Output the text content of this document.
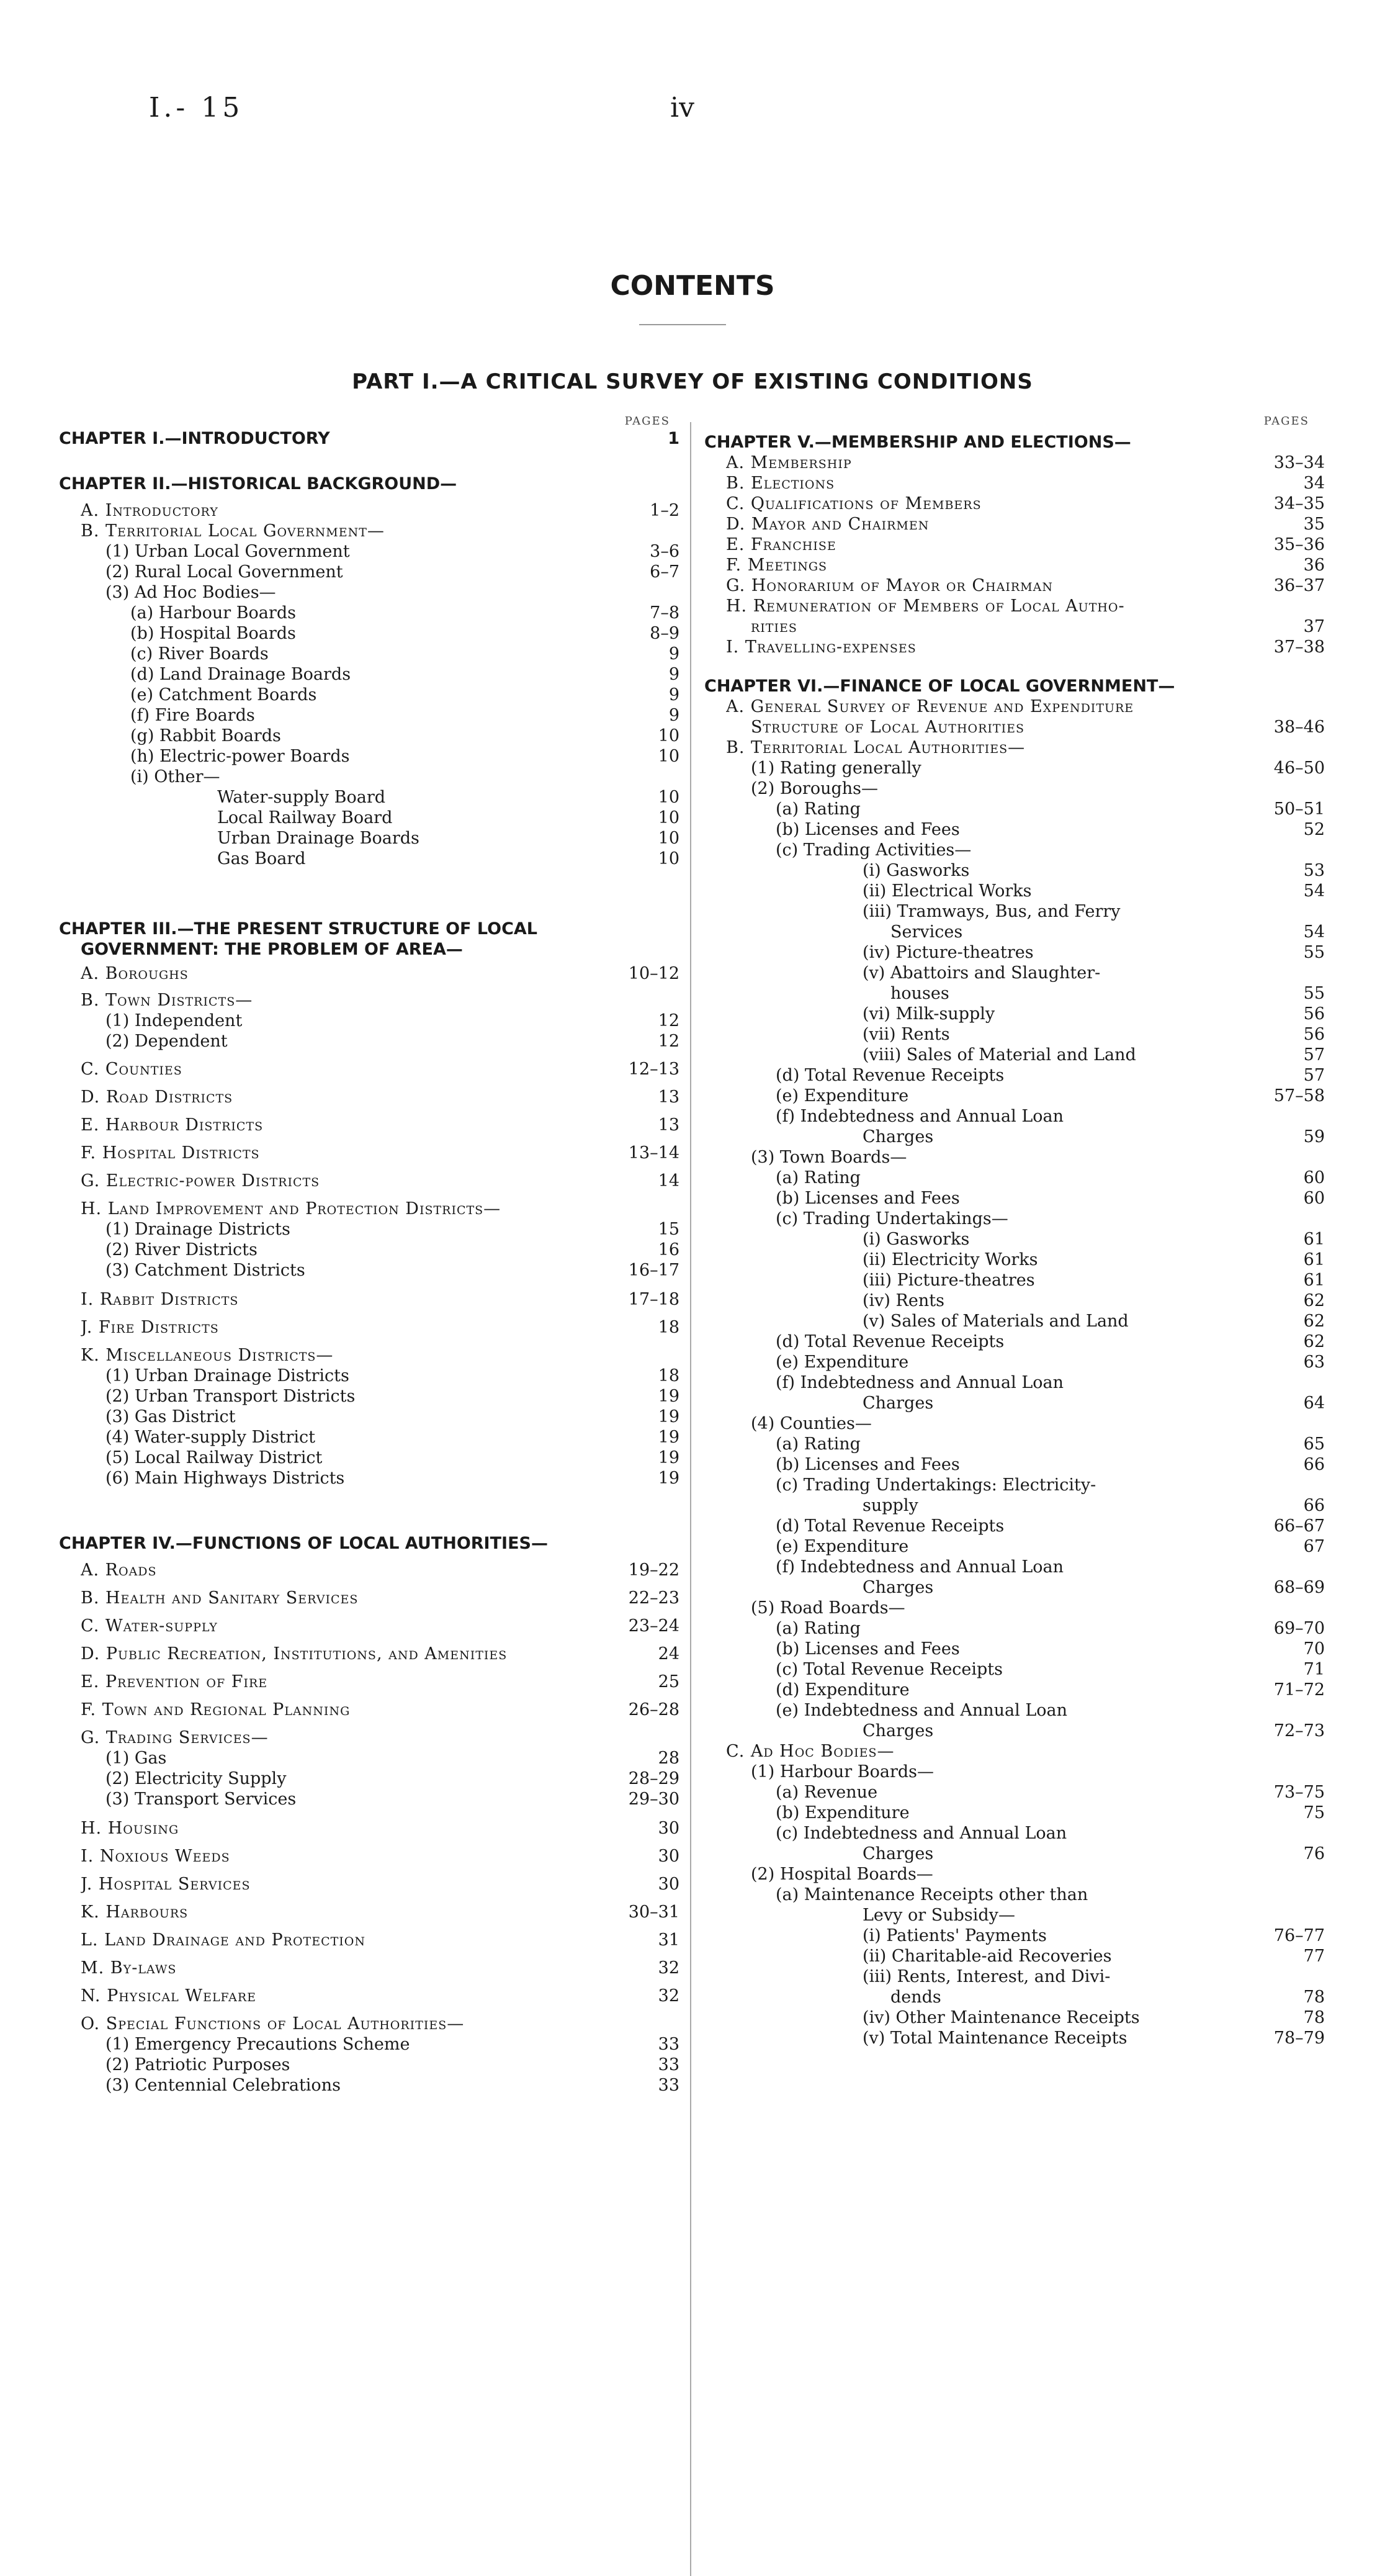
I.- 15	iv
CONTENTS
PART I.—A CRITICAL SURVEY OF EXISTING CONDITIONS
PAGES
CHAPTER I.—INTRODUCTORY	1
CHAPTER II.—HISTORICAL BACKGROUND—
A. Introductory	1–2
B. Territorial Local Government—
(1) Urban Local Government	3–6
(2) Rural Local Government	6–7
(3) Ad Hoc Bodies—
(a) Harbour Boards	7–8
(b) Hospital Boards	8–9
(c) River Boards	9
(d) Land Drainage Boards	9
(e) Catchment Boards	9
(f) Fire Boards	9
(g) Rabbit Boards	10
(h) Electric-power Boards	10
(i) Other—
Water-supply Board	10
Local Railway Board	10
Urban Drainage Boards	10
Gas Board	10
CHAPTER III.—THE PRESENT STRUCTURE OF LOCAL
GOVERNMENT: THE PROBLEM OF AREA—
A. Boroughs	10–12
B. Town Districts—
(1) Independent	12
(2) Dependent	12
C. Counties	12–13
D. Road Districts	13
E. Harbour Districts	13
F. Hospital Districts	13–14
G. Electric-power Districts	14
H. Land Improvement and Protection Districts—
(1) Drainage Districts	15
(2) River Districts	16
(3) Catchment Districts	16–17
I. Rabbit Districts	17–18
J. Fire Districts	18
K. Miscellaneous Districts—
(1) Urban Drainage Districts	18
(2) Urban Transport Districts	19
(3) Gas District	19
(4) Water-supply District	19
(5) Local Railway District	19
(6) Main Highways Districts	19
CHAPTER IV.—FUNCTIONS OF LOCAL AUTHORITIES—
A. Roads	19–22
B. Health and Sanitary Services	22–23
C. Water-supply	23–24
D. Public Recreation, Institutions, and Amenities	24
E. Prevention of Fire	25
F. Town and Regional Planning	26–28
G. Trading Services—
(1) Gas	28
(2) Electricity Supply	28–29
(3) Transport Services	29–30
H. Housing	30
I. Noxious Weeds	30
J. Hospital Services	30
K. Harbours	30–31
L. Land Drainage and Protection	31
M. By-laws	32
N. Physical Welfare	32
O. Special Functions of Local Authorities—
(1) Emergency Precautions Scheme	33
(2) Patriotic Purposes	33
(3) Centennial Celebrations	33
PAGES
CHAPTER V.—MEMBERSHIP AND ELECTIONS—
A. Membership	33–34
B. Elections	34
C. Qualifications of Members	34–35
D. Mayor and Chairmen	35
E. Franchise	35–36
F. Meetings	36
G. Honorarium of Mayor or Chairman	36–37
H. Remuneration of Members of Local Autho-
rities	37
I. Travelling-expenses	37–38
CHAPTER VI.—FINANCE OF LOCAL GOVERNMENT—
A. General Survey of Revenue and Expenditure
Structure of Local Authorities	38–46
B. Territorial Local Authorities—
(1) Rating generally	46–50
(2) Boroughs—
(a) Rating	50–51
(b) Licenses and Fees	52
(c) Trading Activities—
(i) Gasworks	53
(ii) Electrical Works	54
(iii) Tramways, Bus, and Ferry
Services	54
(iv) Picture-theatres	55
(v) Abattoirs and Slaughter-
houses	55
(vi) Milk-supply	56
(vii) Rents	56
(viii) Sales of Material and Land	57
(d) Total Revenue Receipts	57
(e) Expenditure	57–58
(f) Indebtedness and Annual Loan
Charges	59
(3) Town Boards—
(a) Rating	60
(b) Licenses and Fees	60
(c) Trading Undertakings—
(i) Gasworks	61
(ii) Electricity Works	61
(iii) Picture-theatres	61
(iv) Rents	62
(v) Sales of Materials and Land	62
(d) Total Revenue Receipts	62
(e) Expenditure	63
(f) Indebtedness and Annual Loan
Charges	64
(4) Counties—
(a) Rating	65
(b) Licenses and Fees	66
(c) Trading Undertakings: Electricity-
supply	66
(d) Total Revenue Receipts	66–67
(e) Expenditure	67
(f) Indebtedness and Annual Loan
Charges	68–69
(5) Road Boards—
(a) Rating	69–70
(b) Licenses and Fees	70
(c) Total Revenue Receipts	71
(d) Expenditure	71–72
(e) Indebtedness and Annual Loan
Charges	72–73
C. Ad Hoc Bodies—
(1) Harbour Boards—
(a) Revenue	73–75
(b) Expenditure	75
(c) Indebtedness and Annual Loan
Charges	76
(2) Hospital Boards—
(a) Maintenance Receipts other than
Levy or Subsidy—
(i) Patients' Payments	76–77
(ii) Charitable-aid Recoveries	77
(iii) Rents, Interest, and Divi-
dends	78
(iv) Other Maintenance Receipts	78
(v) Total Maintenance Receipts	78–79
